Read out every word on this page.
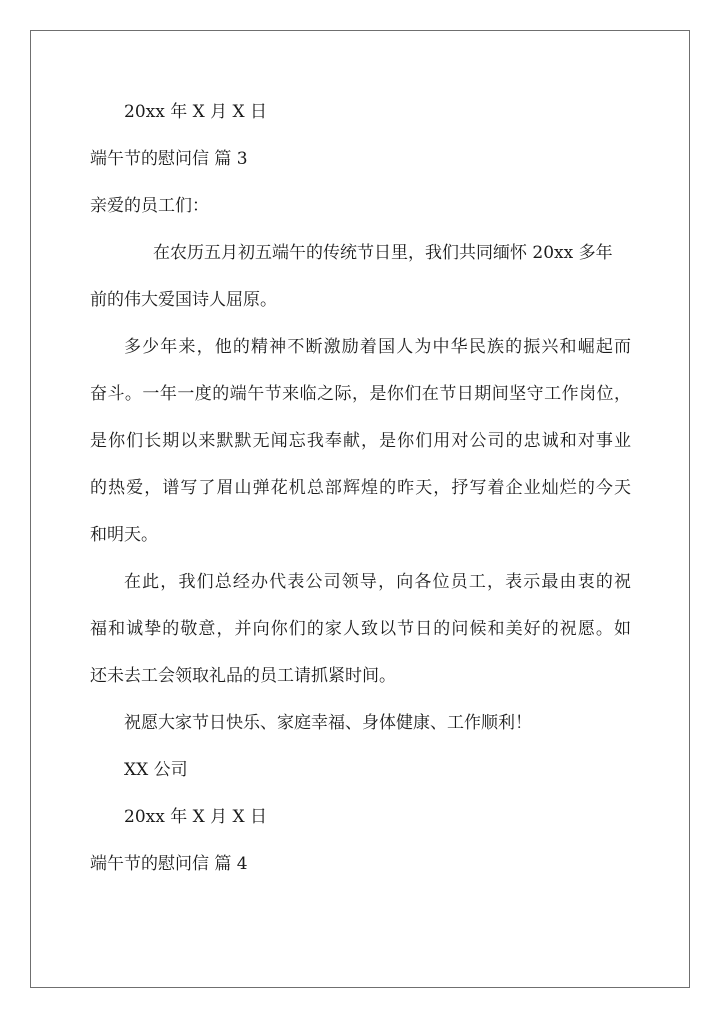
20xx 年 X 月 X 日
端午节的慰问信 篇 3
亲爱的员工们：
在农历五月初五端午的传统节日里，我们共同缅怀 20xx 多年
前的伟大爱国诗人屈原。
多少年来，他的精神不断激励着国人为中华民族的振兴和崛起而
奋斗。一年一度的端午节来临之际，是你们在节日期间坚守工作岗位，
是你们长期以来默默无闻忘我奉献，是你们用对公司的忠诚和对事业
的热爱，谱写了眉山弹花机总部辉煌的昨天，抒写着企业灿烂的今天
和明天。
在此，我们总经办代表公司领导，向各位员工，表示最由衷的祝
福和诚挚的敬意，并向你们的家人致以节日的问候和美好的祝愿。如
还未去工会领取礼品的员工请抓紧时间。
祝愿大家节日快乐、家庭幸福、身体健康、工作顺利！
XX 公司
20xx 年 X 月 X 日
端午节的慰问信 篇 4
